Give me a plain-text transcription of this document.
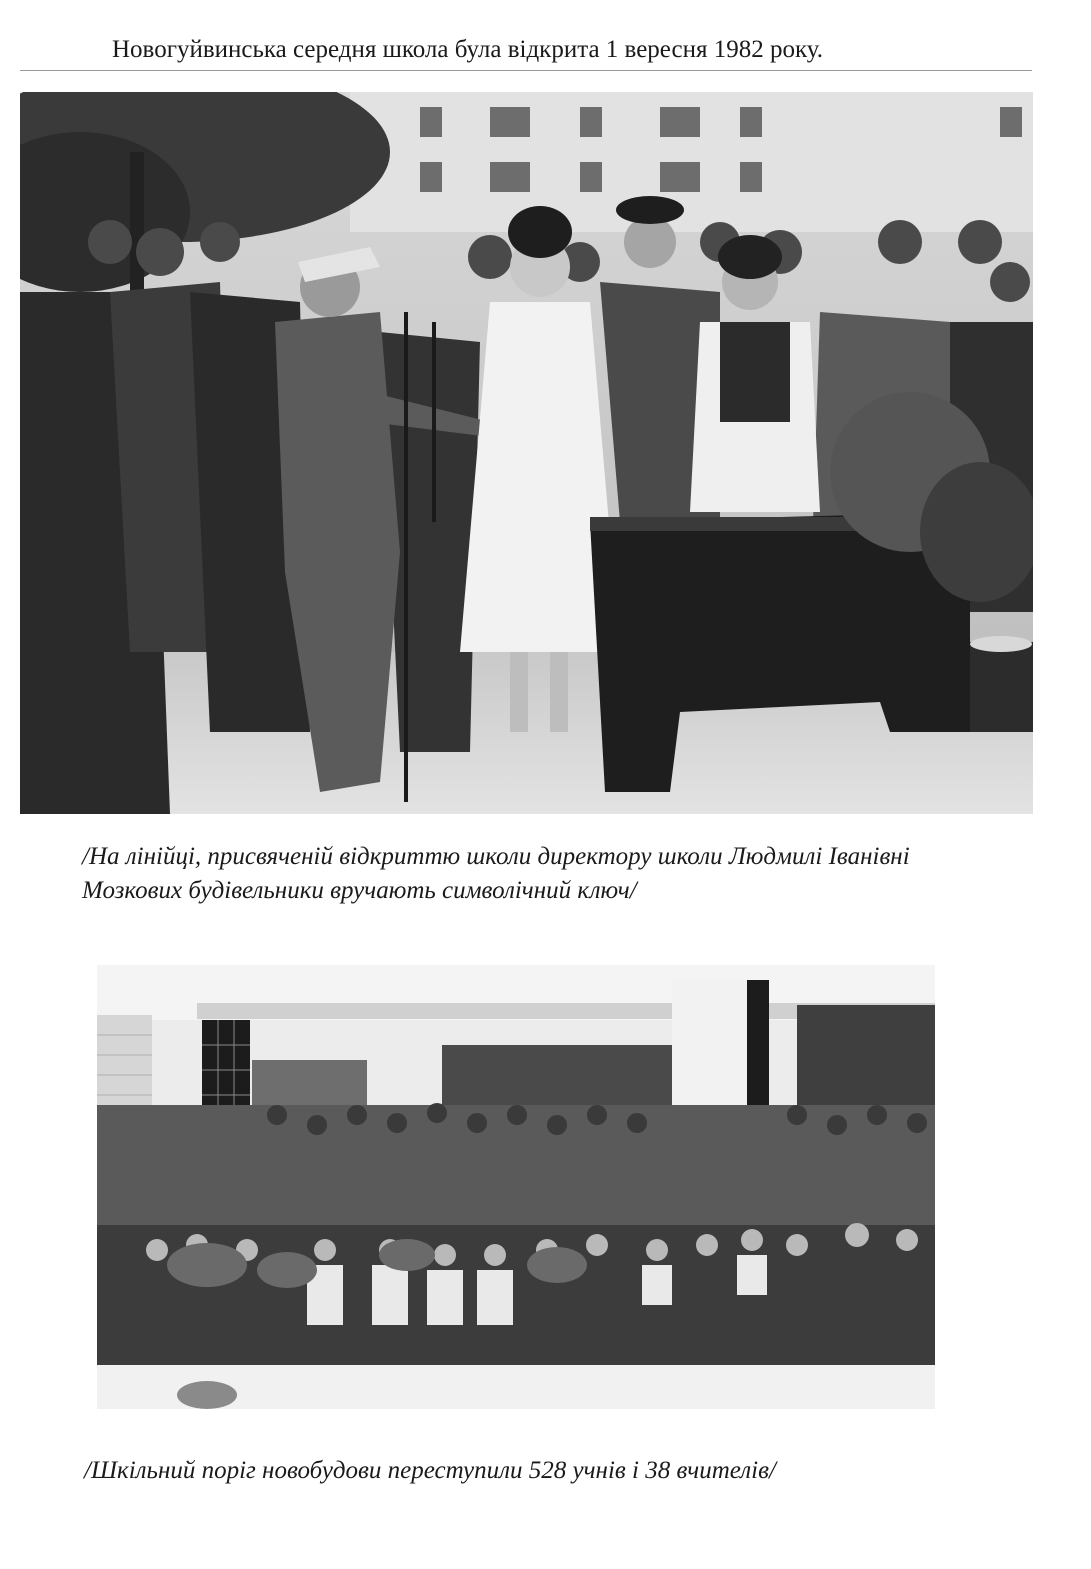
Новогуйвинська середня школа була відкрита 1 вересня 1982 року.
/На лінійці, присвяченій відкриттю школи директору школи Людмилі Іванівні
Мозкових будівельники вручають символічний ключ/
/Шкільний поріг новобудови переступили 528 учнів і 38 вчителів/
